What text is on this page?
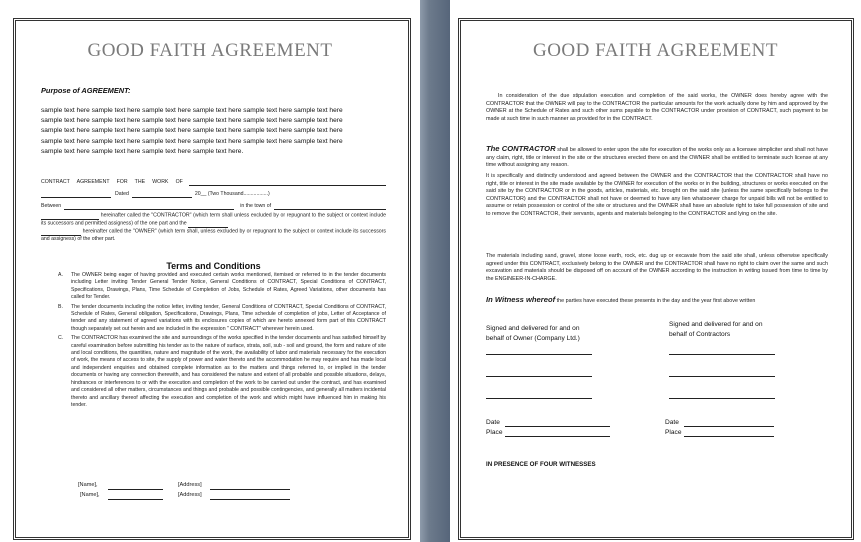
GOOD FAITH AGREEMENT
Purpose of AGREEMENT:
sample text here sample text here sample text here sample text here sample text here sample text here
sample text here sample text here sample text here sample text here sample text here sample text here
sample text here sample text here sample text here sample text here sample text here sample text here
sample text here sample text here sample text here sample text here sample text here sample text here
sample text here sample text here sample text here sample text here.
CONTRACT     AGREEMENT     FOR     THE     WORK     OF
Dated	20__ (Two Thousand.................)
Between	in the town of
hereinafter called the "CONTRACTOR" (which term shall unless excluded by or repugnant to the subject or context include its successors and permitted assigness) of the one part and the
hereinafter called the "OWNER" (which term shall, unless excluded by or repugnant to the subject or context include its successors and assigness) of the other part.
Terms and Conditions
A.	The OWNER being eager of having provided and executed certain works mentioned, itemised or referred to in the tender documents including Letter inviting Tender General Tender Notice, General Conditions of CONTRACT, Special Conditions of CONTRACT, Specifications, Drawings, Plans, Time Schedule of Completion of Jobs, Schedule of Rates, Agreed Variations, other documents has called for Tender.
B.	The tender documents including the notice letter, inviting tender, General Conditions of CONTRACT, Special Conditions of CONTRACT, Schedule of Rates, General obligation, Specifications, Drawings, Plans, Time schedule of completion of jobs, Letter of Acceptance of tender and any statement of agreed variations with its enclosures copies of which are hereto annexed form part of this CONTRACT though separately set out herein and are included in the expression " CONTRACT" wherever herein used.
C.	The CONTRACTOR has examined the site and surroundings of the works specified in the tender documents and has satisfied himself by careful examination before submitting his tender as to the nature of surface, strata, soil, sub - soil and ground, the form and nature of site and local conditions, the quantities, nature and magnitude of the work, the availability of labor and materials necessary for the execution of work, the means of access to site, the supply of power and water thereto and the accommodation he may require and has made local and independent enquiries and obtained complete information as to the matters and things referred to, or implied in the tender documents or having any connection therewith, and has considered the nature and extent of all probable and possible situations, delays, hindrances or interferences to or with the execution and completion of the work to be carried out under the contract, and has examined and considered all other matters, circumstances and things and probable and possible contingencies, and generally all matters incidental thereto and ancillary thereof affecting the execution and completion of the work and which might have influenced him in making his tender.
[Name],	[Address]
[Name],	[Address]
GOOD FAITH AGREEMENT
In consideration of the due stipulation execution and completion of the said works, the OWNER does hereby agree with the CONTRACTOR that the OWNER will pay to the CONTRACTOR the particular amounts for the work actually done by him and approved by the OWNER at the Schedule of Rates and such other sums payable to the CONTRACTOR under provision of CONTRACT, such payment to be made at such time in such manner as provided for in the CONTRACT.
The CONTRACTOR shall be allowed to enter upon the site for execution of the works only as a licensee simpliciter and shall not have any claim, right, title or interest in the site or the structures erected there on and the OWNER shall be entitled to terminate such license at any time without assigning any reason.
It is specifically and distinctly understood and agreed between the OWNER and the CONTRACTOR that the CONTRACTOR shall have no right, title or interest in the site made available by the OWNER for execution of the works or in the building, structures or works executed on the said site by the CONTRACTOR or in the goods, articles, materials, etc. brought on the said site (unless the same specifically belongs to the CONTRACTOR) and the CONTRACTOR shall not have or deemed to have any lien whatsoever charge for unpaid bills will not be entitled to assume or retain possession or control of the site or structures and the OWNER shall have an absolute right to take full possession of site and to remove the CONTRACTOR, their servants, agents and materials belonging to the CONTRACTOR and lying on the site.
The materials including sand, gravel, stone loose earth, rock, etc. dug up or excavate from the said site shall, unless otherwise specifically agreed under this CONTRACT, exclusively belong to the OWNER and the CONTRACTOR shall have no right to claim over the same and such excavation and materials should be disposed off on account of the OWNER according to the instruction in writing issued from time to time by the ENGINEER-IN-CHARGE.
In Witness whereof the parties have executed these presents in the day and the year first above written
Signed and delivered for and on
behalf of Owner (Company Ltd.)
Signed and delivered for and on
behalf of Contractors
Date
Place
Date
Place
IN PRESENCE OF FOUR WITNESSES
